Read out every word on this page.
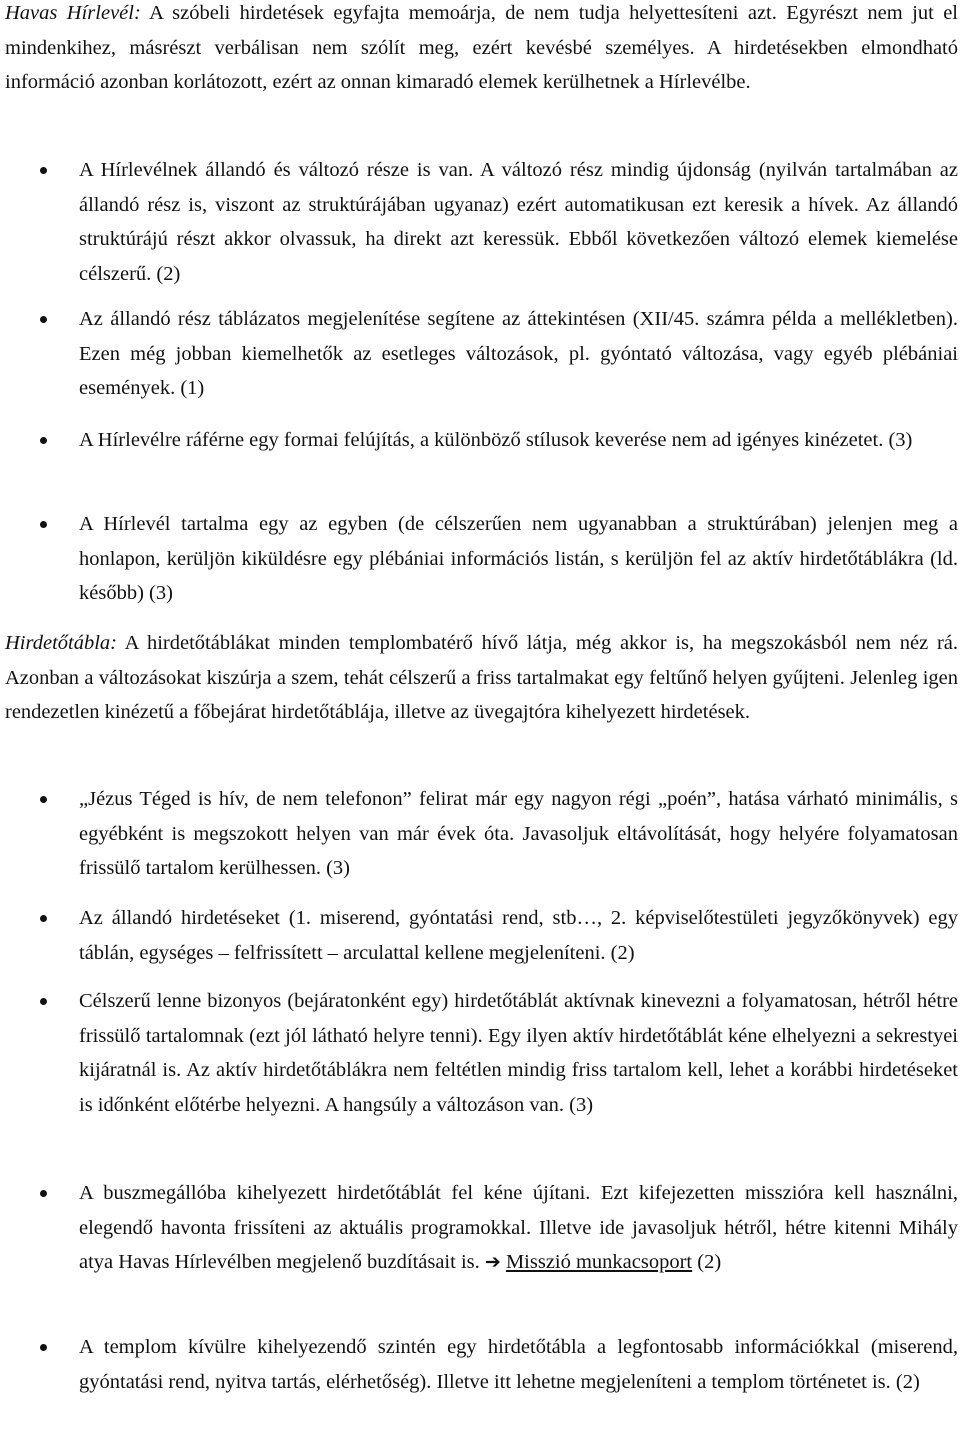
Havas Hírlevél: A szóbeli hirdetések egyfajta memoárja, de nem tudja helyettesíteni azt. Egyrészt nem jut el mindenkihez, másrészt verbálisan nem szólít meg, ezért kevésbé személyes. A hirdetésekben elmondható információ azonban korlátozott, ezért az onnan kimaradó elemek kerülhetnek a Hírlevélbe.

A Hírlevélnek állandó és változó része is van. A változó rész mindig újdonság (nyilván tartalmában az állandó rész is, viszont az struktúrájában ugyanaz) ezért automatikusan ezt keresik a hívek. Az állandó struktúrájú részt akkor olvassuk, ha direkt azt keressük. Ebből következően változó elemek kiemelése célszerű. (2)

Az állandó rész táblázatos megjelenítése segítene az áttekintésen (XII/45. számra példa a mellékletben). Ezen még jobban kiemelhetők az esetleges változások, pl. gyóntató változása, vagy egyéb plébániai események. (1)

A Hírlevélre ráférne egy formai felújítás, a különböző stílusok keverése nem ad igényes kinézetet. (3)

A Hírlevél tartalma egy az egyben (de célszerűen nem ugyanabban a struktúrában) jelenjen meg a honlapon, kerüljön kiküldésre egy plébániai információs listán, s kerüljön fel az aktív hirdetőtáblákra (ld. később) (3)

Hirdetőtábla: A hirdetőtáblákat minden templombatérő hívő látja, még akkor is, ha megszokásból nem néz rá. Azonban a változásokat kiszúrja a szem, tehát célszerű a friss tartalmakat egy feltűnő helyen gyűjteni. Jelenleg igen rendezetlen kinézetű a főbejárat hirdetőtáblája, illetve az üvegajtóra kihelyezett hirdetések.

„Jézus Téged is hív, de nem telefonon” felirat már egy nagyon régi „poén”, hatása várható minimális, s egyébként is megszokott helyen van már évek óta. Javasoljuk eltávolítását, hogy helyére folyamatosan frissülő tartalom kerülhessen. (3)

Az állandó hirdetéseket (1. miserend, gyóntatási rend, stb…, 2. képviselőtestületi jegyzőkönyvek) egy táblán, egységes – felfrissített – arculattal kellene megjeleníteni. (2)

Célszerű lenne bizonyos (bejáratonként egy) hirdetőtáblát aktívnak kinevezni a folyamatosan, hétről hétre frissülő tartalomnak (ezt jól látható helyre tenni). Egy ilyen aktív hirdetőtáblát kéne elhelyezni a sekrestyei kijáratnál is. Az aktív hirdetőtáblákra nem feltétlen mindig friss tartalom kell, lehet a korábbi hirdetéseket is időnként előtérbe helyezni. A hangsúly a változáson van. (3)

A buszmegállóba kihelyezett hirdetőtáblát fel kéne újítani. Ezt kifejezetten misszióra kell használni, elegendő havonta frissíteni az aktuális programokkal. Illetve ide javasoljuk hétről, hétre kitenni Mihály atya Havas Hírlevélben megjelenő buzdításait is. ➔ Misszió munkacsoport (2)

A templom kívülre kihelyezendő szintén egy hirdetőtábla a legfontosabb információkkal (miserend, gyóntatási rend, nyitva tartás, elérhetőség). Illetve itt lehetne megjeleníteni a templom történetet is. (2)
